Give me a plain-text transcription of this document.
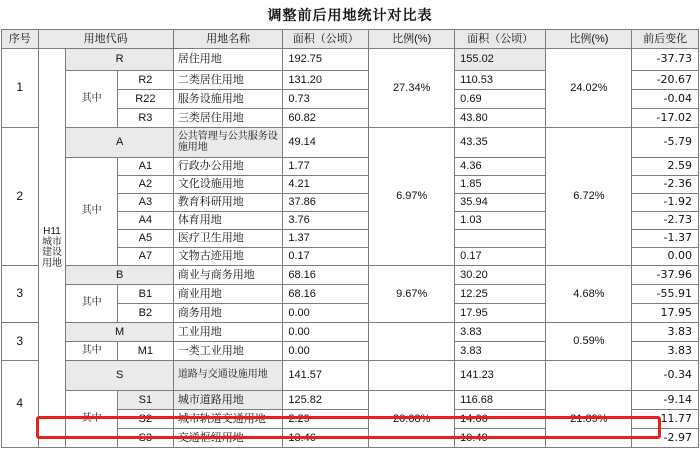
调整前后用地统计对比表
序号	用地代码			用地名称	面积（公顷）	比例(%)	面积（公顷）	比例(%)	前后变化
1	H11 城市建设用地	R		居住用地	192.75	27.34%	155.02	24.02%	-37.73
		其中	R2	二类居住用地	131.20		110.53		-20.67
			R22	服务设施用地	0.73		0.69		-0.04
			R3	三类居住用地	60.82		43.80		-17.02
2		A		公共管理与公共服务设施用地	49.14	6.97%	43.35	6.72%	-5.79
		其中	A1	行政办公用地	1.77		4.36		2.59
			A2	文化设施用地	4.21		1.85		-2.36
			A3	教育科研用地	37.86		35.94		-1.92
			A4	体育用地	3.76		1.03		-2.73
			A5	医疗卫生用地	1.37				-1.37
			A7	文物古迹用地	0.17		0.17		0.00
3		B		商业与商务用地	68.16	9.67%	30.20	4.68%	-37.96
		其中	B1	商业用地	68.16		12.25		-55.91
			B2	商务用地	0.00		17.95		17.95
3		M		工业用地	0.00		3.83	0.59%	3.83
		其中	M1	一类工业用地	0.00		3.83		3.83
4		S		道路与交通设施用地	141.57		141.23		-0.34
		其中	S1	城市道路用地	125.82	20.08%	116.68	21.89%	-9.14
			S2	城市轨道交通用地	2.29		14.06		11.77
			S3	交通枢纽用地	13.46		10.49		-2.97
